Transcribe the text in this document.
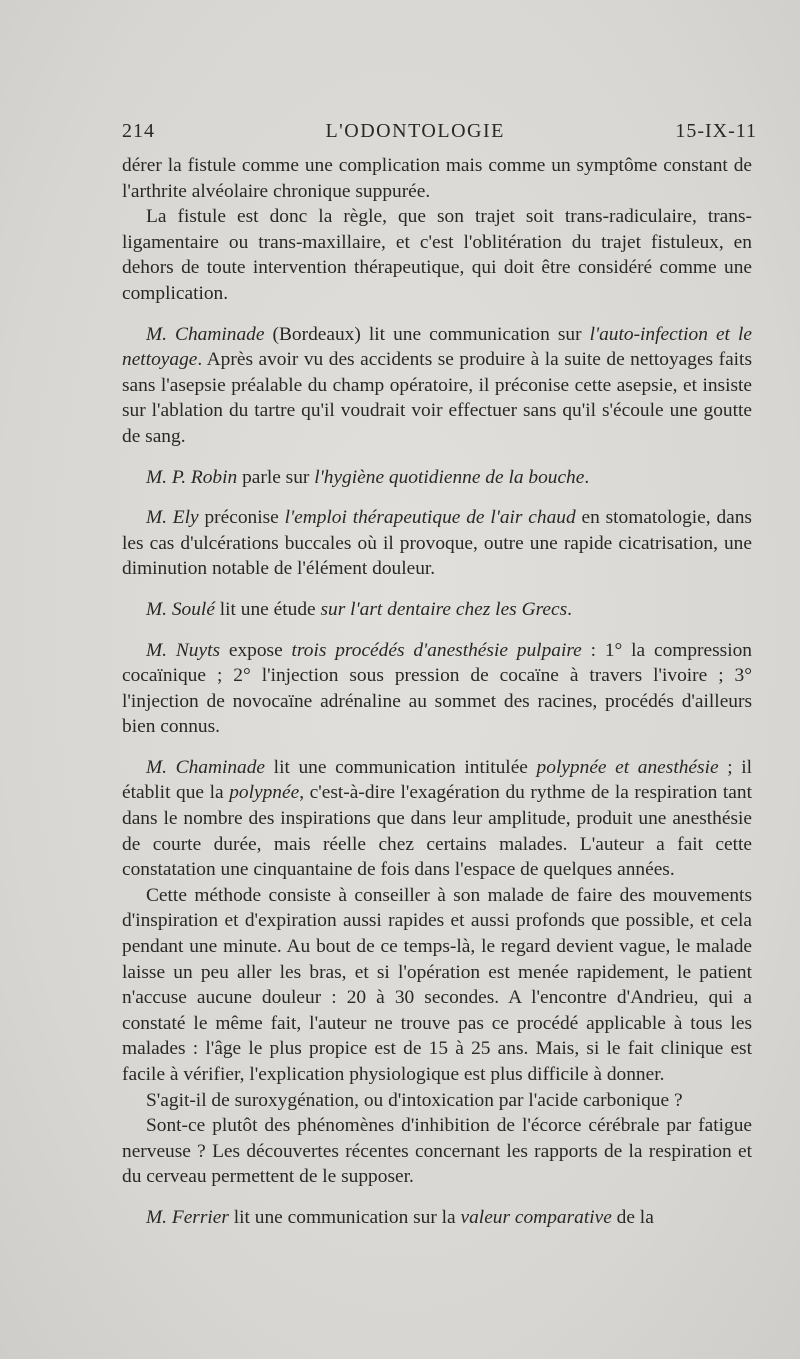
214	L'ODONTOLOGIE	15-IX-11

dérer la fistule comme une complication mais comme un symptôme constant de l'arthrite alvéolaire chronique suppurée.

La fistule est donc la règle, que son trajet soit trans-radiculaire, trans-ligamentaire ou trans-maxillaire, et c'est l'oblitération du trajet fistuleux, en dehors de toute intervention thérapeutique, qui doit être considéré comme une complication.

M. Chaminade (Bordeaux) lit une communication sur l'auto-infection et le nettoyage. Après avoir vu des accidents se produire à la suite de nettoyages faits sans l'asepsie préalable du champ opératoire, il préconise cette asepsie, et insiste sur l'ablation du tartre qu'il voudrait voir effectuer sans qu'il s'écoule une goutte de sang.

M. P. Robin parle sur l'hygiène quotidienne de la bouche.

M. Ely préconise l'emploi thérapeutique de l'air chaud en stomatologie, dans les cas d'ulcérations buccales où il provoque, outre une rapide cicatrisation, une diminution notable de l'élément douleur.

M. Soulé lit une étude sur l'art dentaire chez les Grecs.

M. Nuyts expose trois procédés d'anesthésie pulpaire : 1° la compression cocaïnique ; 2° l'injection sous pression de cocaïne à travers l'ivoire ; 3° l'injection de novocaïne adrénaline au sommet des racines, procédés d'ailleurs bien connus.

M. Chaminade lit une communication intitulée polypnée et anesthésie ; il établit que la polypnée, c'est-à-dire l'exagération du rythme de la respiration tant dans le nombre des inspirations que dans leur amplitude, produit une anesthésie de courte durée, mais réelle chez certains malades. L'auteur a fait cette constatation une cinquantaine de fois dans l'espace de quelques années.

Cette méthode consiste à conseiller à son malade de faire des mouvements d'inspiration et d'expiration aussi rapides et aussi profonds que possible, et cela pendant une minute. Au bout de ce temps-là, le regard devient vague, le malade laisse un peu aller les bras, et si l'opération est menée rapidement, le patient n'accuse aucune douleur : 20 à 30 secondes. A l'encontre d'Andrieu, qui a constaté le même fait, l'auteur ne trouve pas ce procédé applicable à tous les malades : l'âge le plus propice est de 15 à 25 ans. Mais, si le fait clinique est facile à vérifier, l'explication physiologique est plus difficile à donner.

S'agit-il de suroxygénation, ou d'intoxication par l'acide carbonique ?

Sont-ce plutôt des phénomènes d'inhibition de l'écorce cérébrale par fatigue nerveuse ? Les découvertes récentes concernant les rapports de la respiration et du cerveau permettent de le supposer.

M. Ferrier lit une communication sur la valeur comparative de la
